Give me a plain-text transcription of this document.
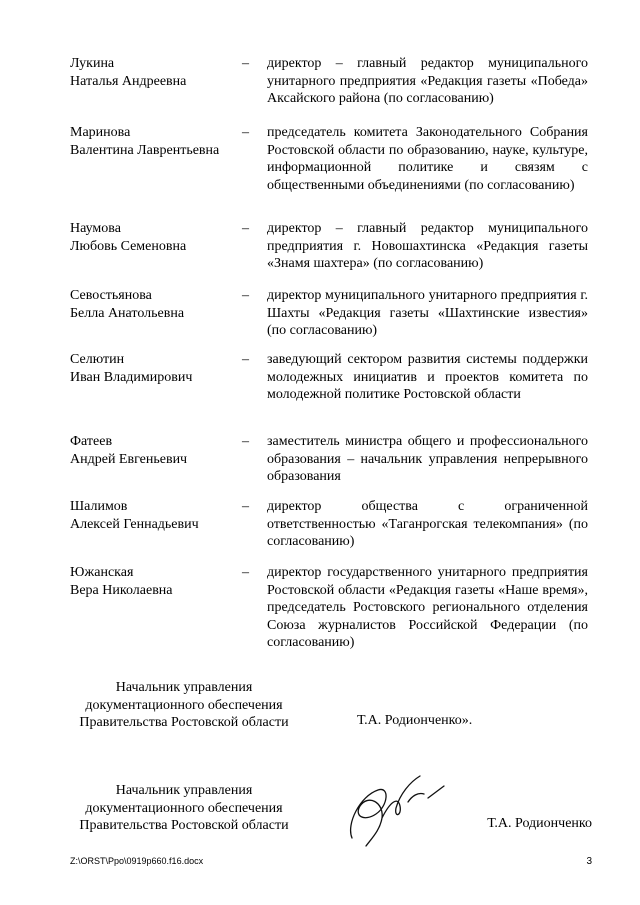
Лукина
Наталья Андреевна
–	директор – главный редактор муниципального унитарного предприятия «Редакция газеты «Победа» Аксайского района (по согласованию)
Маринова
Валентина Лаврентьевна
–	председатель комитета Законодательного Собрания Ростовской области по образованию, науке, культуре, информационной политике и связям с общественными объединениями (по согласованию)
Наумова
Любовь Семеновна
–	директор – главный редактор муниципального предприятия г. Новошахтинска «Редакция газеты «Знамя шахтера» (по согласованию)
Севостьянова
Белла Анатольевна
–	директор муниципального унитарного предприятия г. Шахты «Редакция газеты «Шахтинские известия» (по согласованию)
Селютин
Иван Владимирович
–	заведующий сектором развития системы поддержки молодежных инициатив и проектов комитета по молодежной политике Ростовской области
Фатеев
Андрей Евгеньевич
–	заместитель министра общего и профессионального образования – начальник управления непрерывного образования
Шалимов
Алексей Геннадьевич
–	директор общества с ограниченной ответственностью «Таганрогская телекомпания» (по согласованию)
Южанская
Вера Николаевна
–	директор государственного унитарного предприятия Ростовской области «Редакция газеты «Наше время», председатель Ростовского регионального отделения Союза журналистов Российской Федерации (по согласованию)
Начальник управления
документационного обеспечения
Правительства Ростовской области	Т.А. Родионченко».
Начальник управления
документационного обеспечения
Правительства Ростовской области	Т.А. Родионченко
Z:\ORST\Ppo\0919p660.f16.docx	3
